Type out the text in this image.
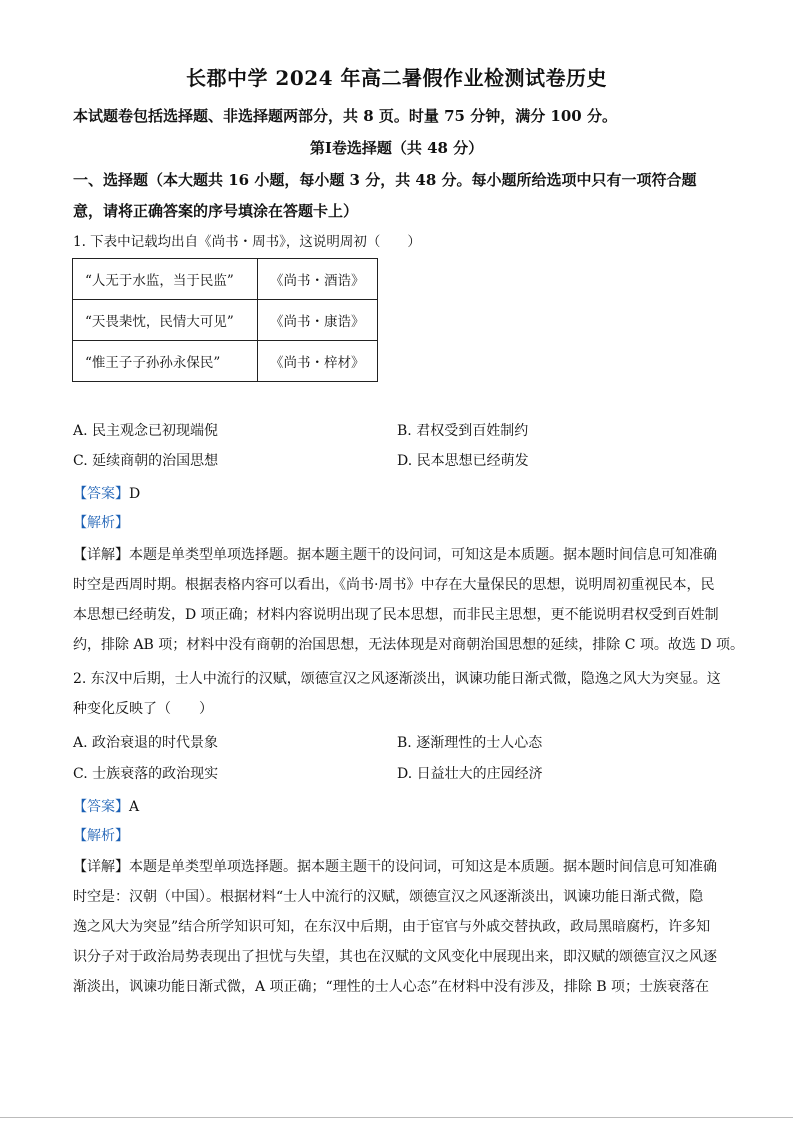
长郡中学 2024 年高二暑假作业检测试卷历史
本试题卷包括选择题、非选择题两部分，共 8 页。时量 75 分钟，满分 100 分。
第Ⅰ卷选择题（共 48 分）
一、选择题（本大题共 16 小题，每小题 3 分，共 48 分。每小题所给选项中只有一项符合题
意，请将正确答案的序号填涂在答题卡上）
1. 下表中记载均出自《尚书・周书》，这说明周初（　　）
“人无于水监，当于民监”	《尚书・酒诰》
“天畏棐忱，民情大可见”	《尚书・康诰》
“惟王子子孙孙永保民”	《尚书・梓材》
A. 民主观念已初现端倪	B. 君权受到百姓制约
C. 延续商朝的治国思想	D. 民本思想已经萌发
【答案】D
【解析】

【详解】本题是单类型单项选择题。据本题主题干的设问词，可知这是本质题。据本题时间信息可知准确

时空是西周时期。根据表格内容可以看出，《尚书·周书》中存在大量保民的思想，说明周初重视民本，民

本思想已经萌发，D 项正确；材料内容说明出现了民本思想，而非民主思想，更不能说明君权受到百姓制

约，排除 AB 项；材料中没有商朝的治国思想，无法体现是对商朝治国思想的延续，排除 C 项。故选 D 项。

2. 东汉中后期，士人中流行的汉赋，颂德宣汉之风逐渐淡出，讽谏功能日渐式微，隐逸之风大为突显。这

种变化反映了（　　）

A. 政治衰退的时代景象	B. 逐渐理性的士人心态
C. 士族衰落的政治现实	D. 日益壮大的庄园经济
【答案】A
【解析】

【详解】本题是单类型单项选择题。据本题主题干的设问词，可知这是本质题。据本题时间信息可知准确

时空是：汉朝（中国）。根据材料“士人中流行的汉赋，颂德宣汉之风逐渐淡出，讽谏功能日渐式微，隐

逸之风大为突显”结合所学知识可知，在东汉中后期，由于宦官与外戚交替执政，政局黑暗腐朽，许多知

识分子对于政治局势表现出了担忧与失望，其也在汉赋的文风变化中展现出来，即汉赋的颂德宣汉之风逐

渐淡出，讽谏功能日渐式微，A 项正确；“理性的士人心态”在材料中没有涉及，排除 B 项；士族衰落在
